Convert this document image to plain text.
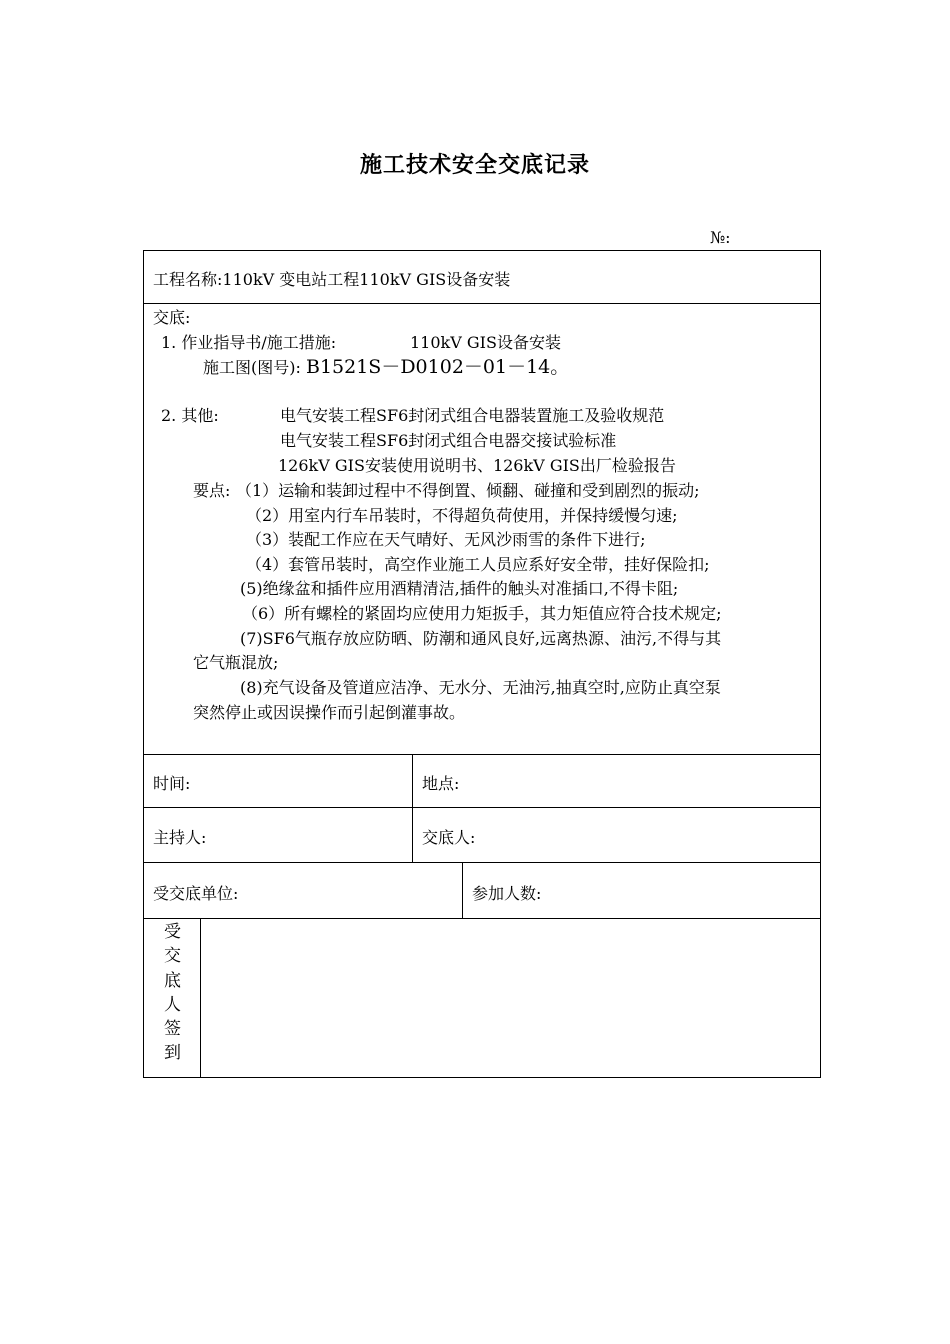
施工技术安全交底记录
№:
工程名称:110kV 变电站工程110kV GIS设备安装
交底:
1. 作业指导书/施工措施:	110kV GIS设备安装
施工图(图号): B1521S－D0102－01－14。
2. 其他:	电气安装工程SF6封闭式组合电器装置施工及验收规范
电气安装工程SF6封闭式组合电器交接试验标准
126kV GIS安装使用说明书、126kV GIS出厂检验报告
要点: （1）运输和装卸过程中不得倒置、倾翻、碰撞和受到剧烈的振动;
（2）用室内行车吊装时，不得超负荷使用，并保持缓慢匀速;
（3）装配工作应在天气晴好、无风沙雨雪的条件下进行;
（4）套管吊装时，高空作业施工人员应系好安全带，挂好保险扣;
(5)绝缘盆和插件应用酒精清洁,插件的触头对准插口,不得卡阻;
（6）所有螺栓的紧固均应使用力矩扳手，其力矩值应符合技术规定;
(7)SF6气瓶存放应防晒、防潮和通风良好,远离热源、油污,不得与其
它气瓶混放;
(8)充气设备及管道应洁净、无水分、无油污,抽真空时,应防止真空泵
突然停止或因误操作而引起倒灌事故。
时间:	地点:
主持人:	交底人:
受交底单位:	参加人数:
受
交
底
人
签
到
